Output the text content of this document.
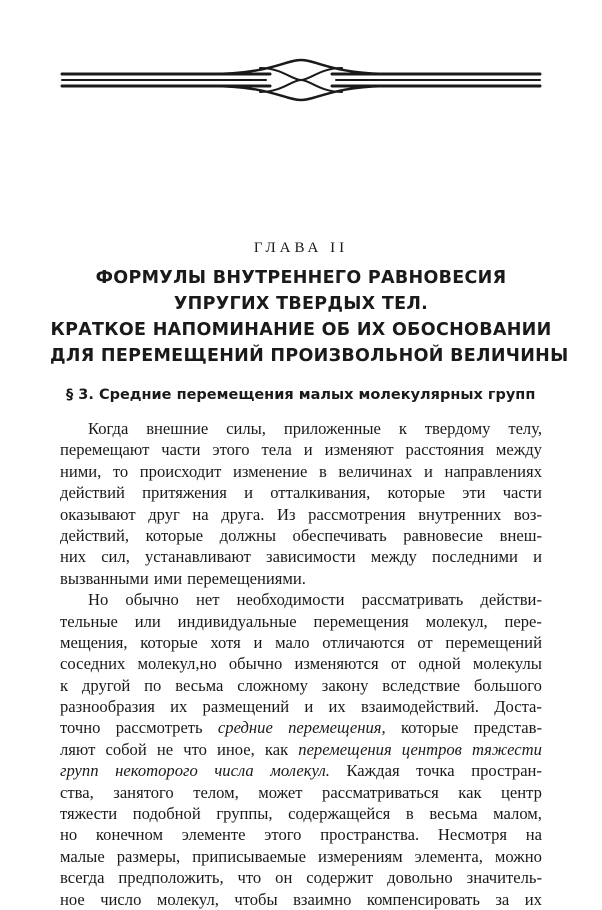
ГЛАВА II
ФОРМУЛЫ ВНУТРЕННЕГО РАВНОВЕСИЯ
УПРУГИХ ТВЕРДЫХ ТЕЛ.
КРАТКОЕ НАПОМИНАНИЕ ОБ ИХ ОБОСНОВАНИИ
ДЛЯ ПЕРЕМЕЩЕНИЙ ПРОИЗВОЛЬНОЙ ВЕЛИЧИНЫ
§ 3. Средние перемещения малых молекулярных групп
Когда внешние силы, приложенные к твердому телу,
перемещают части этого тела и изменяют расстояния между
ними, то происходит изменение в величинах и направлениях
действий притяжения и отталкивания, которые эти части
оказывают друг на друга. Из рассмотрения внутренних воз-
действий, которые должны обеспечивать равновесие внеш-
них сил, устанавливают зависимости между последними и
вызванными ими перемещениями.
Но обычно нет необходимости рассматривать действи-
тельные или индивидуальные перемещения молекул, пере-
мещения, которые хотя и мало отличаются от перемещений
соседних молекул,но обычно изменяются от одной молекулы
к другой по весьма сложному закону вследствие большого
разнообразия их размещений и их взаимодействий. Доста-
точно рассмотреть средние перемещения, которые представ-
ляют собой не что иное, как перемещения центров тяжести
групп некоторого числа молекул. Каждая точка простран-
ства, занятого телом, может рассматриваться как центр
тяжести подобной группы, содержащейся в весьма малом,
но конечном элементе этого пространства. Несмотря на
малые размеры, приписываемые измерениям элемента, можно
всегда предположить, что он содержит довольно значитель-
ное число молекул, чтобы взаимно компенсировать за их
